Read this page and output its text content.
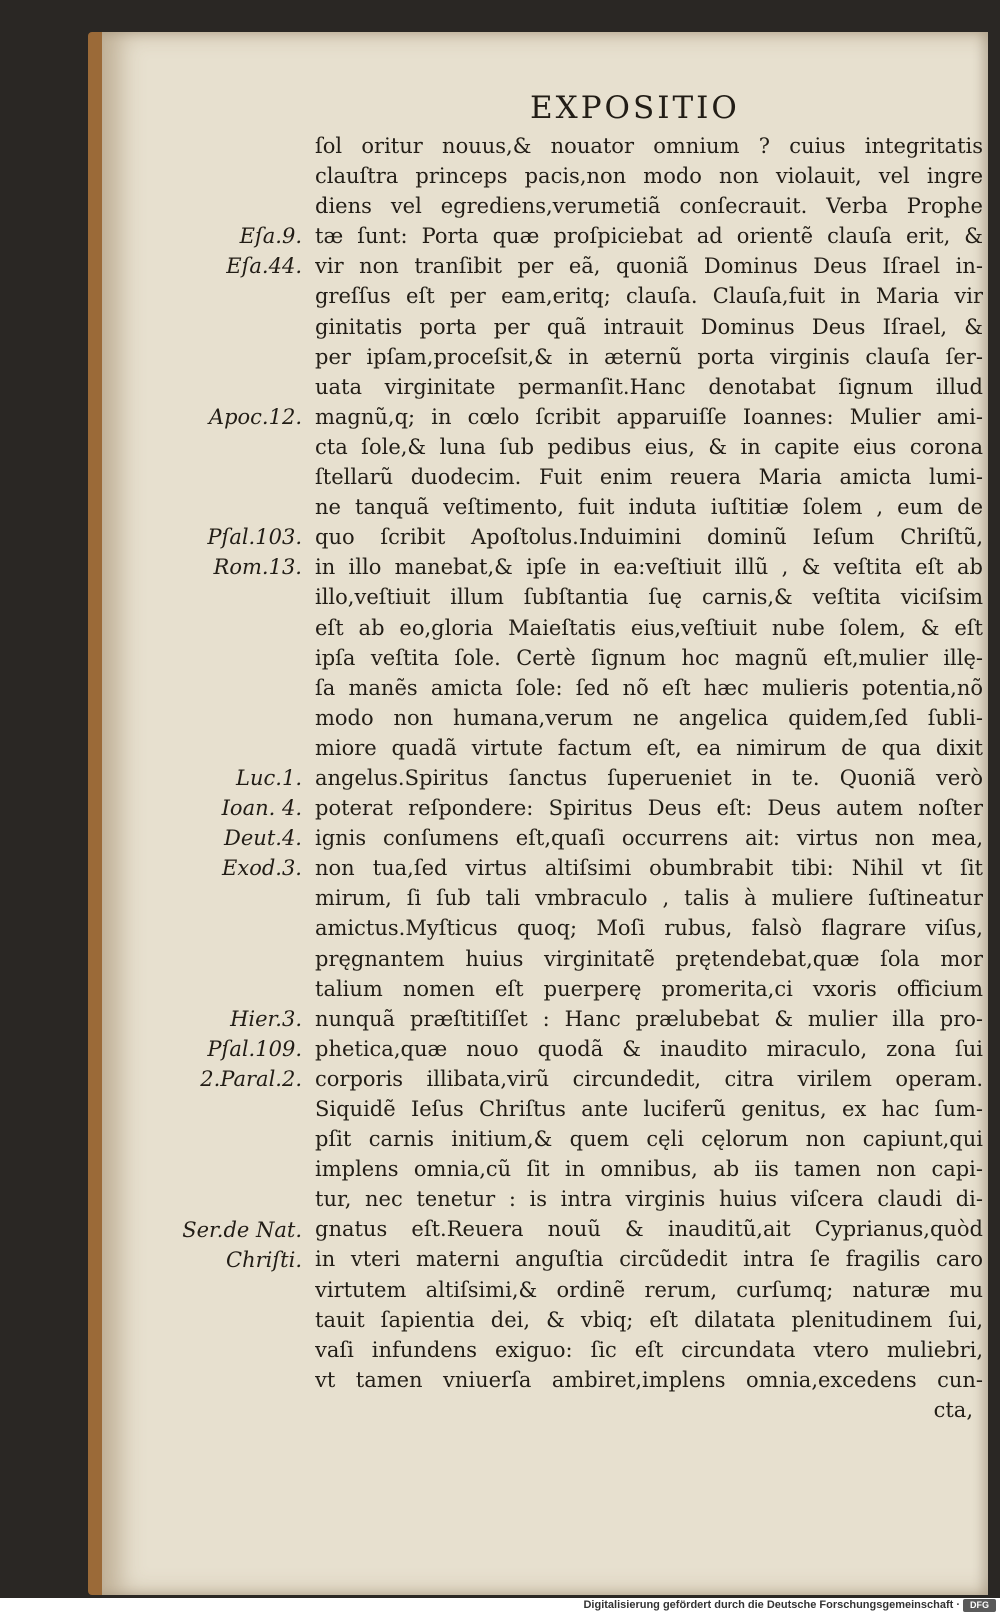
EXPOSITIO
Eſa.9.
Eſa.44.
Apoc.12.
Pſal.103.
Rom.13.
Luc.1.
Ioan. 4.
Deut.4.
Exod.3.
Hier.3.
Pſal.109.
2.Paral.2.
Ser.de Nat.
Chriſti.
ſol oritur nouus,& nouator omnium ? cuius integritatis
clauſtra princeps pacis,non modo non violauit, vel ingre
diens vel egrediens,verumetiã conſecrauit. Verba Prophe
tæ ſunt: Porta quæ proſpiciebat ad orientẽ clauſa erit, &
vir non tranſibit per eã, quoniã Dominus Deus Iſrael in-
greſſus eſt per eam,eritq; clauſa. Clauſa,fuit in Maria vir
ginitatis porta per quã intrauit Dominus Deus Iſrael, &
per ipſam,proceſsit,& in æternũ porta virginis clauſa ſer-
uata virginitate permanſit.Hanc denotabat ſignum illud
magnũ,q; in cœlo ſcribit apparuiſſe Ioannes: Mulier ami-
cta ſole,& luna ſub pedibus eius, & in capite eius corona
ſtellarũ duodecim. Fuit enim reuera Maria amicta lumi-
ne tanquã veſtimento, fuit induta iuſtitiæ ſolem , eum de
quo ſcribit Apoſtolus.Induimini dominũ Ieſum Chriſtũ,
in illo manebat,& ipſe in ea:veſtiuit illũ , & veſtita eſt ab
illo,veſtiuit illum ſubſtantia ſuę carnis,& veſtita viciſsim
eſt ab eo,gloria Maieſtatis eius,veſtiuit nube ſolem, & eſt
ipſa veſtita ſole. Certè ſignum hoc magnũ eſt,mulier illę-
ſa manẽs amicta ſole: ſed nõ eſt hæc mulieris potentia,nõ
modo non humana,verum ne angelica quidem,ſed ſubli-
miore quadã virtute factum eſt, ea nimirum de qua dixit
angelus.Spiritus ſanctus ſuperueniet in te. Quoniã verò
poterat reſpondere: Spiritus Deus eſt: Deus autem noſter
ignis conſumens eſt,quaſi occurrens ait: virtus non mea,
non tua,ſed virtus altiſsimi obumbrabit tibi: Nihil vt ſit
mirum, ſi ſub tali vmbraculo , talis à muliere ſuſtineatur
amictus.Myſticus quoq; Moſi rubus, falsò flagrare viſus,
pręgnantem huius virginitatẽ prętendebat,quæ ſola mor
talium nomen eſt puerperę promerita,ci vxoris officium
nunquã præſtitiſſet : Hanc prælubebat & mulier illa pro-
phetica,quæ nouo quodã & inaudito miraculo, zona ſui
corporis illibata,virũ circundedit, citra virilem operam.
Siquidẽ Ieſus Chriſtus ante luciferũ genitus, ex hac ſum-
pſit carnis initium,& quem cęli cęlorum non capiunt,qui
implens omnia,cũ ſit in omnibus, ab iis tamen non capi-
tur, nec tenetur : is intra virginis huius viſcera claudi di-
gnatus eſt.Reuera nouũ & inauditũ,ait Cyprianus,quòd
in vteri materni anguſtia circũdedit intra ſe fragilis caro
virtutem altiſsimi,& ordinẽ rerum, curſumq; naturæ mu
tauit ſapientia dei, & vbiq; eſt dilatata plenitudinem ſui,
vaſi infundens exiguo: ſic eſt circundata vtero muliebri,
vt tamen vniuerſa ambiret,implens omnia,excedens cun-
cta,
Digitalisierung gefördert durch die Deutsche Forschungsgemeinschaft ·	DFG
